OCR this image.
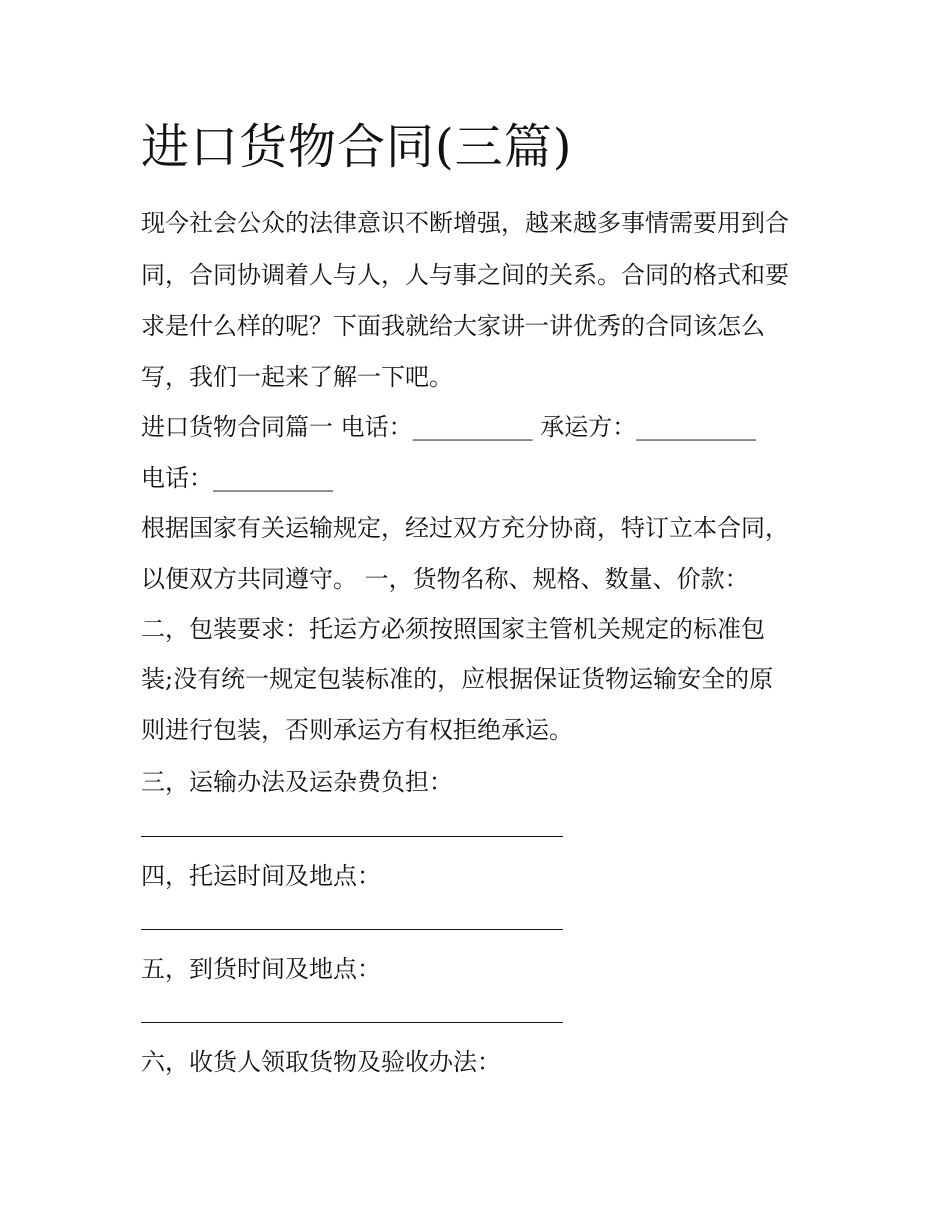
进口货物合同(三篇)
现今社会公众的法律意识不断增强，越来越多事情需要用到合
同，合同协调着人与人，人与事之间的关系。合同的格式和要
求是什么样的呢？下面我就给大家讲一讲优秀的合同该怎么
写，我们一起来了解一下吧。
进口货物合同篇一 电话：__________ 承运方：__________
电话：__________
根据国家有关运输规定，经过双方充分协商，特订立本合同，
以便双方共同遵守。 一，货物名称、规格、数量、价款：
二，包装要求：托运方必须按照国家主管机关规定的标准包
装;没有统一规定包装标准的，应根据保证货物运输安全的原
则进行包装，否则承运方有权拒绝承运。
三，运输办法及运杂费负担：
四，托运时间及地点：
五，到货时间及地点：
六，收货人领取货物及验收办法：
